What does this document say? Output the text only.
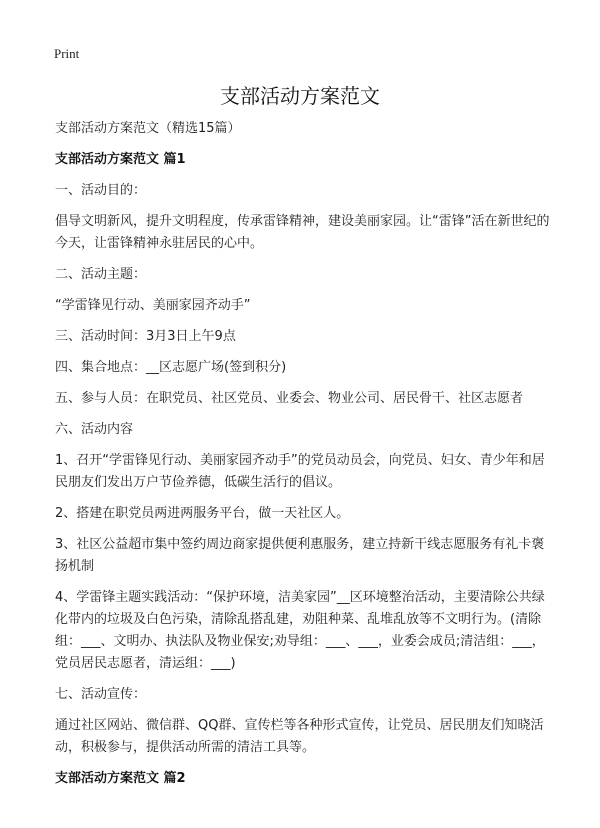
Print
支部活动方案范文

支部活动方案范文（精选15篇）

支部活动方案范文 篇1

一、活动目的：

倡导文明新风，提升文明程度，传承雷锋精神，建设美丽家园。让“雷锋”活在新世纪的今天，让雷锋精神永驻居民的心中。

二、活动主题：

“学雷锋见行动、美丽家园齐动手”

三、活动时间：3月3日上午9点

四、集合地点：__区志愿广场(签到积分)

五、参与人员：在职党员、社区党员、业委会、物业公司、居民骨干、社区志愿者

六、活动内容

1、召开“学雷锋见行动、美丽家园齐动手”的党员动员会，向党员、妇女、青少年和居民朋友们发出万户节俭养德，低碳生活行的倡议。

2、搭建在职党员两进两服务平台，做一天社区人。

3、社区公益超市集中签约周边商家提供便利惠服务，建立持新干线志愿服务有礼卡褒扬机制

4、学雷锋主题实践活动：“保护环境，洁美家园”__区环境整治活动，主要清除公共绿化带内的垃圾及白色污染，清除乱搭乱建，劝阻种菜、乱堆乱放等不文明行为。(清除组：___、文明办、执法队及物业保安;劝导组：___、___，业委会成员;清洁组：___，党员居民志愿者，清运组：___)

七、活动宣传：

通过社区网站、微信群、QQ群、宣传栏等各种形式宣传，让党员、居民朋友们知晓活动，积极参与，提供活动所需的清洁工具等。

支部活动方案范文 篇2
